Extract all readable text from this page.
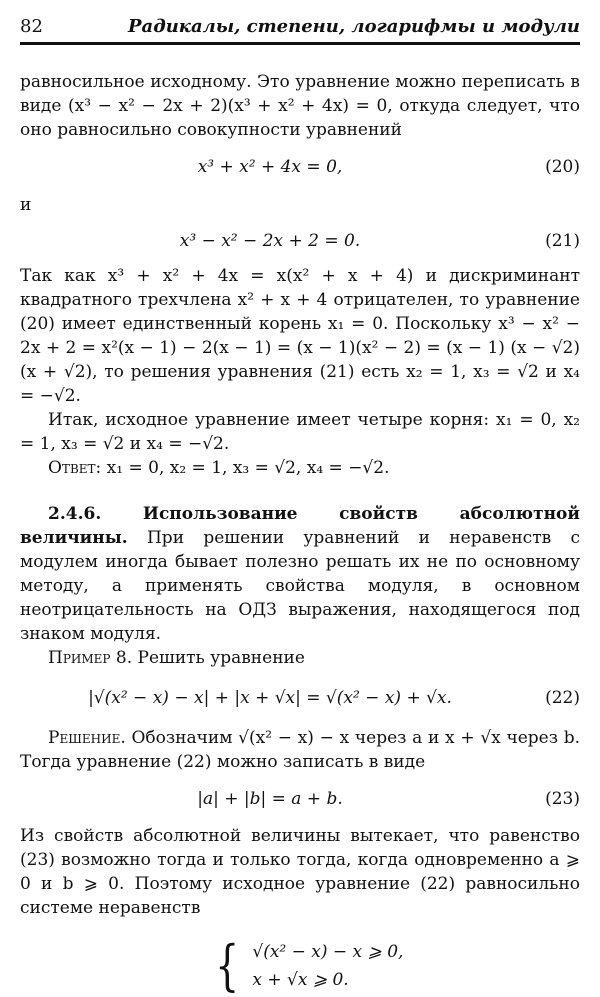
82	Радикалы, степени, логарифмы и модули

равносильное исходному. Это уравнение можно переписать в виде (x³ − x² − 2x + 2)(x³ + x² + 4x) = 0, откуда следует, что оно равносильно совокупности уравнений

x³ + x² + 4x = 0,	(20)

и

x³ − x² − 2x + 2 = 0.	(21)

Так как x³ + x² + 4x = x(x² + x + 4) и дискриминант квадратного трехчлена x² + x + 4 отрицателен, то уравнение (20) имеет единственный корень x₁ = 0. Поскольку x³ − x² − 2x + 2 = x²(x − 1) − 2(x − 1) = (x − 1)(x² − 2) = (x − 1) (x − √2) (x + √2), то решения уравнения (21) есть x₂ = 1, x₃ = √2 и x₄ = −√2.

Итак, исходное уравнение имеет четыре корня: x₁ = 0, x₂ = 1, x₃ = √2 и x₄ = −√2.

Ответ: x₁ = 0, x₂ = 1, x₃ = √2, x₄ = −√2.

2.4.6. Использование свойств абсолютной величины. При решении уравнений и неравенств с модулем иногда бывает полезно решать их не по основному методу, а применять свойства модуля, в основном неотрицательность на ОДЗ выражения, находящегося под знаком модуля.

Пример 8. Решить уравнение

|√(x² − x) − x| + |x + √x| = √(x² − x) + √x.	(22)

Решение. Обозначим √(x² − x) − x через a и x + √x через b. Тогда уравнение (22) можно записать в виде

|a| + |b| = a + b.	(23)

Из свойств абсолютной величины вытекает, что равенство (23) возможно тогда и только тогда, когда одновременно a ⩾ 0 и b ⩾ 0. Поэтому исходное уравнение (22) равносильно системе неравенств

{ √(x² − x) − x ⩾ 0,
x + √x ⩾ 0.
